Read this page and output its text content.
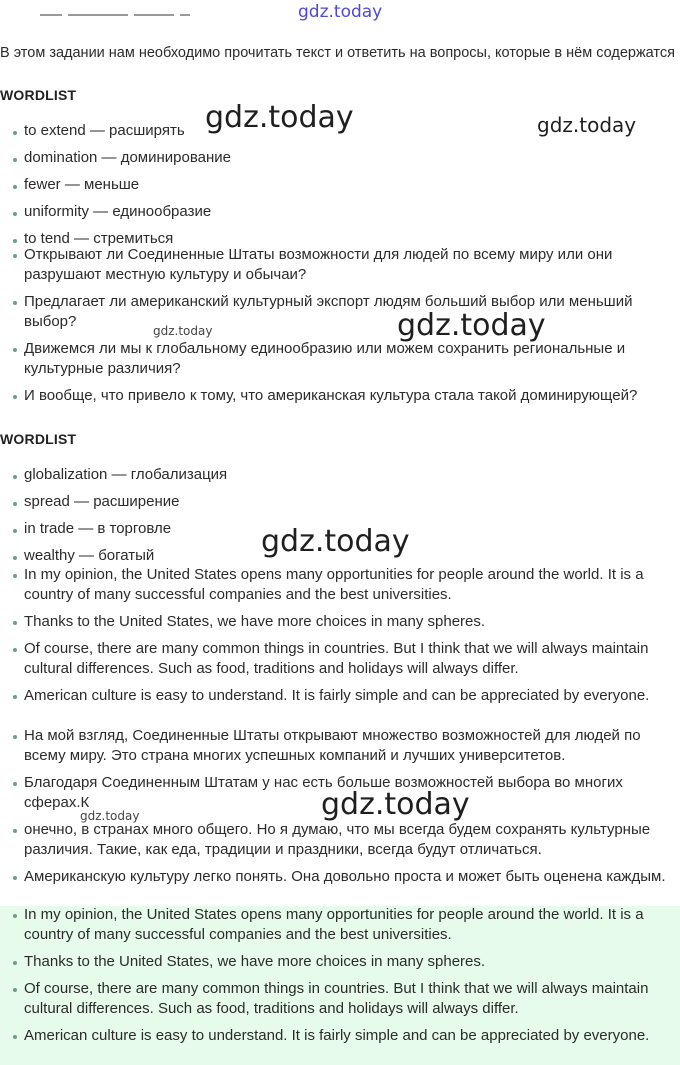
gdz.today
gdz.today	gdz.today
gdz.today	gdz.today
gdz.today
gdz.today
gdz.today
В этом задании нам необходимо прочитать текст и ответить на вопросы, которые в нём содержатся
WORDLIST
to extend — расширять
domination — доминирование
fewer — меньше
uniformity — единообразие
to tend — стремиться
Открывают ли Соединенные Штаты возможности для людей по всему миру или они разрушают местную культуру и обычаи?
Предлагает ли американский культурный экспорт людям больший выбор или меньший выбор?
Движемся ли мы к глобальному единообразию или можем сохранить региональные и культурные различия?
И вообще, что привело к тому, что американская культура стала такой доминирующей?
WORDLIST
globalization — глобализация
spread — расширение
in trade — в торговле
wealthy — богатый
In my opinion, the United States opens many opportunities for people around the world. It is a country of many successful companies and the best universities.
Thanks to the United States, we have more choices in many spheres.
Of course, there are many common things in countries. But I think that we will always maintain cultural differences. Such as food, traditions and holidays will always differ.
American culture is easy to understand. It is fairly simple and can be appreciated by everyone.
На мой взгляд, Соединенные Штаты открывают множество возможностей для людей по всему миру. Это страна многих успешных компаний и лучших университетов.
Благодаря Соединенным Штатам у нас есть больше возможностей выбора во многих сферах.К
онечно, в странах много общего. Но я думаю, что мы всегда будем сохранять культурные различия. Такие, как еда, традиции и праздники, всегда будут отличаться.
Американскую культуру легко понять. Она довольно проста и может быть оценена каждым.
In my opinion, the United States opens many opportunities for people around the world. It is a country of many successful companies and the best universities.
Thanks to the United States, we have more choices in many spheres.
Of course, there are many common things in countries. But I think that we will always maintain cultural differences. Such as food, traditions and holidays will always differ.
American culture is easy to understand. It is fairly simple and can be appreciated by everyone.
